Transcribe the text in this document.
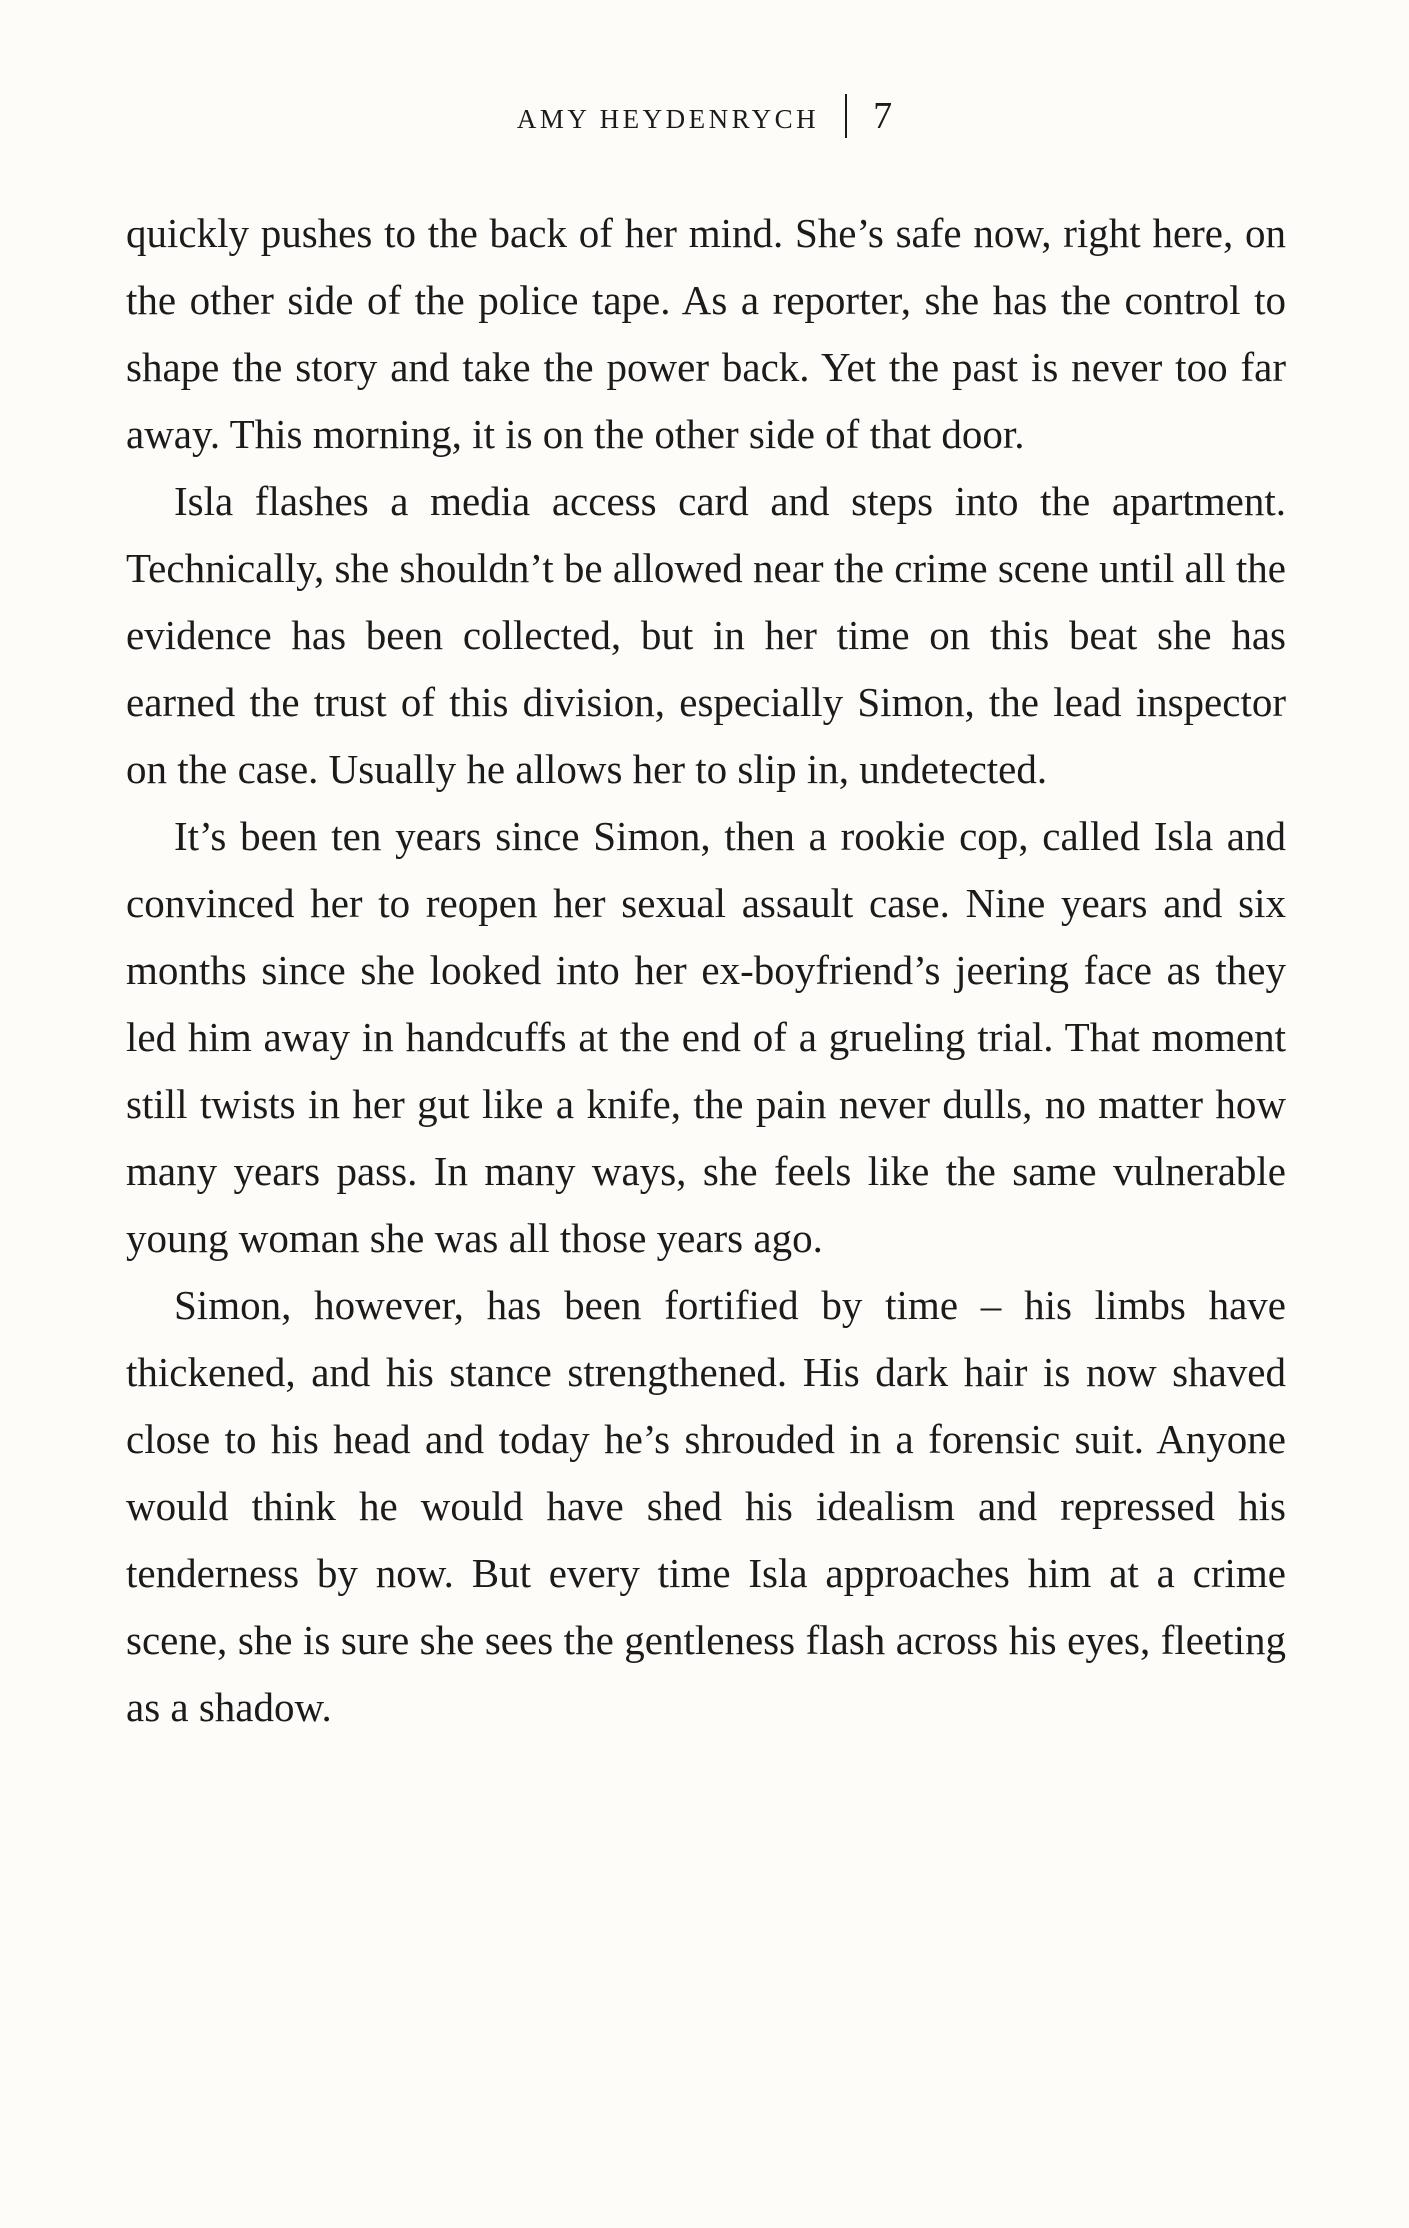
AMY HEYDENRYCH 7

quickly pushes to the back of her mind. She’s safe now, right here, on the other side of the police tape. As a reporter, she has the control to shape the story and take the power back. Yet the past is never too far away. This morning, it is on the other side of that door.

Isla flashes a media access card and steps into the apartment. Technically, she shouldn’t be allowed near the crime scene until all the evidence has been collected, but in her time on this beat she has earned the trust of this division, especially Simon, the lead inspector on the case. Usually he allows her to slip in, undetected.

It’s been ten years since Simon, then a rookie cop, called Isla and convinced her to reopen her sexual assault case. Nine years and six months since she looked into her ex-boyfriend’s jeering face as they led him away in handcuffs at the end of a grueling trial. That moment still twists in her gut like a knife, the pain never dulls, no matter how many years pass. In many ways, she feels like the same vulnerable young woman she was all those years ago.

Simon, however, has been fortified by time – his limbs have thickened, and his stance strengthened. His dark hair is now shaved close to his head and today he’s shrouded in a forensic suit. Anyone would think he would have shed his idealism and repressed his tenderness by now. But every time Isla approaches him at a crime scene, she is sure she sees the gentleness flash across his eyes, fleeting as a shadow.
